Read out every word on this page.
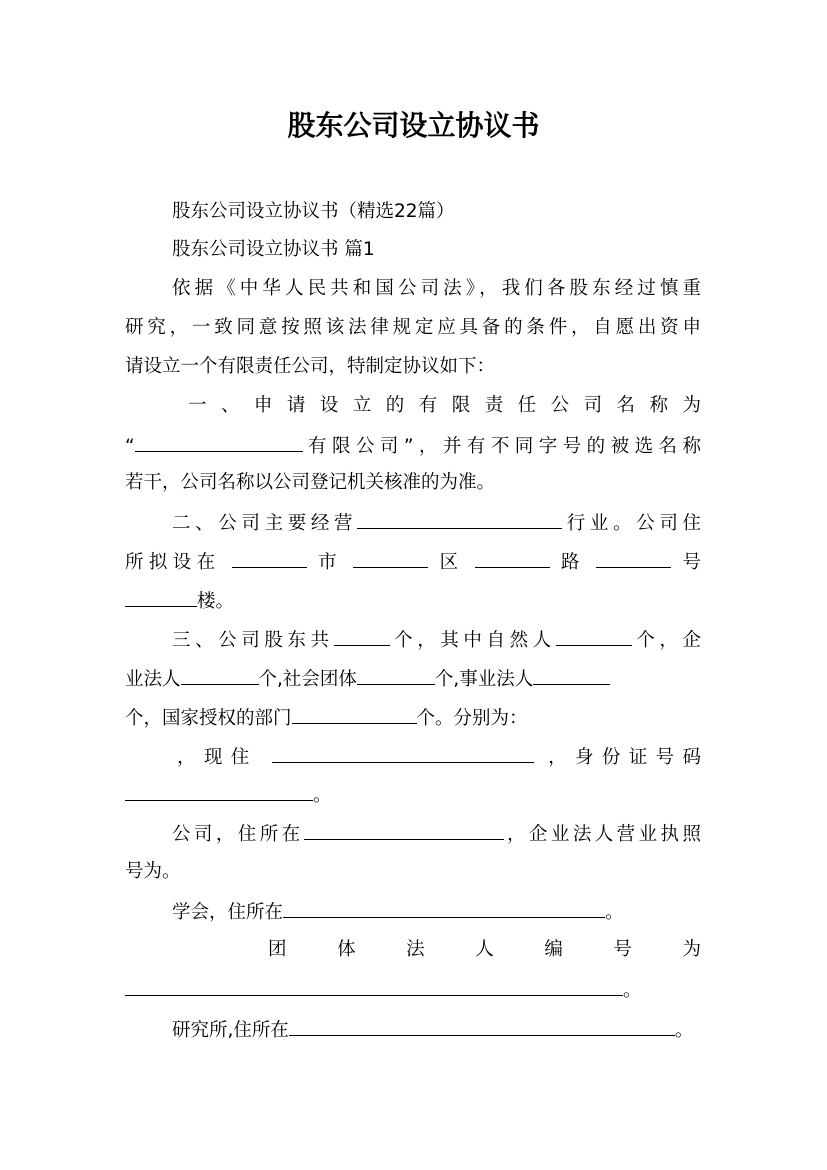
股东公司设立协议书
股东公司设立协议书（精选22篇）
股东公司设立协议书 篇1
依据《中华人民共和国公司法》，我们各股东经过慎重
研究，一致同意按照该法律规定应具备的条件，自愿出资申
请设立一个有限责任公司，特制定协议如下：
一、申请设立的有限责任公司名称为
“	有限公司”，并有不同字号的被选名称
若干，公司名称以公司登记机关核准的为准。
二、公司主要经营	行业。公司住
所拟设在	市	区	路	号
楼。
三、公司股东共	个，其中自然人	个，企
业法人	个,社会团体	个,事业法人
个，国家授权的部门	个。分别为：
，现住	，身份证号码
。
公司，住所在	，企业法人营业执照
号为。
学会，住所在	。
团体法人编号为
。
研究所,住所在	。
